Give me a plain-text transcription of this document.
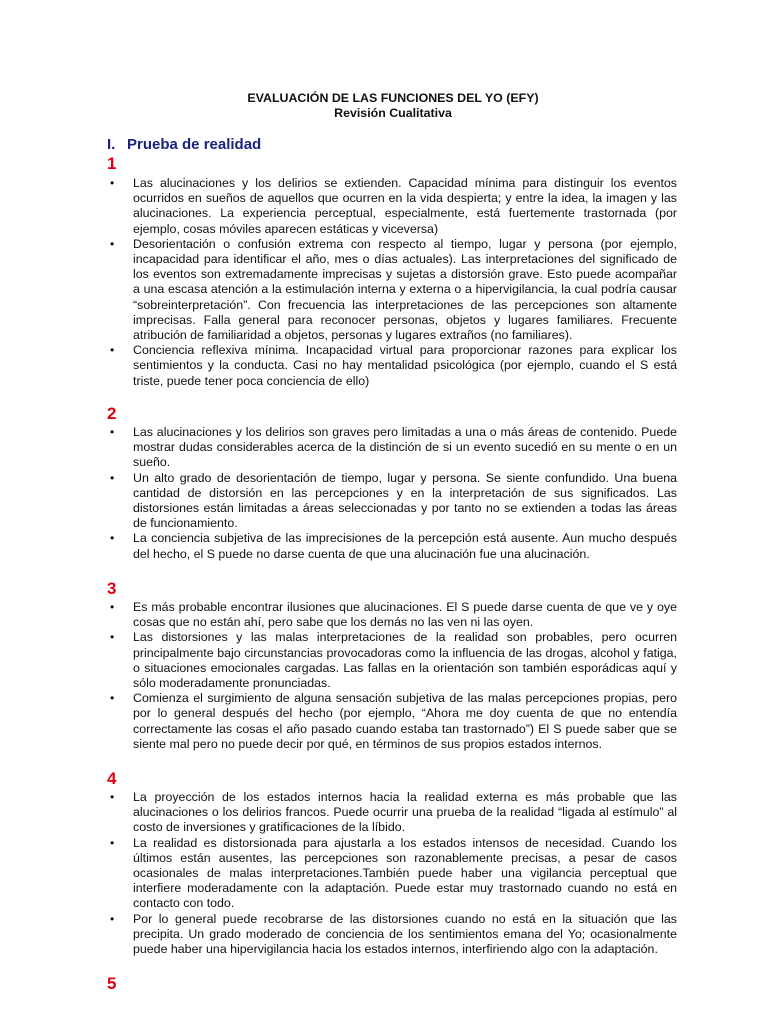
EVALUACIÓN DE LAS FUNCIONES DEL YO (EFY)
Revisión Cualitativa
I. Prueba de realidad
1
• Las alucinaciones y los delirios se extienden. Capacidad mínima para distinguir los eventos ocurridos en sueños de aquellos que ocurren en la vida despierta; y entre la idea, la imagen y las alucinaciones. La experiencia perceptual, especialmente, está fuertemente trastornada (por ejemplo, cosas móviles aparecen estáticas y viceversa)
• Desorientación o confusión extrema con respecto al tiempo, lugar y persona (por ejemplo, incapacidad para identificar el año, mes o días actuales). Las interpretaciones del significado de los eventos son extremadamente imprecisas y sujetas a distorsión grave. Esto puede acompañar a una escasa atención a la estimulación interna y externa o a hipervigilancia, la cual podría causar “sobreinterpretación”. Con frecuencia las interpretaciones de las percepciones son altamente imprecisas. Falla general para reconocer personas, objetos y lugares familiares. Frecuente atribución de familiaridad a objetos, personas y lugares extraños (no familiares).
• Conciencia reflexiva mínima. Incapacidad virtual para proporcionar razones para explicar los sentimientos y la conducta. Casi no hay mentalidad psicológica (por ejemplo, cuando el S está triste, puede tener poca conciencia de ello)
2
• Las alucinaciones y los delirios son graves pero limitadas a una o más áreas de contenido. Puede mostrar dudas considerables acerca de la distinción de si un evento sucedió en su mente o en un sueño.
• Un alto grado de desorientación de tiempo, lugar y persona. Se siente confundido. Una buena cantidad de distorsión en las percepciones y en la interpretación de sus significados. Las distorsiones están limitadas a áreas seleccionadas y por tanto no se extienden a todas las áreas de funcionamiento.
• La conciencia subjetiva de las imprecisiones de la percepción está ausente. Aun mucho después del hecho, el S puede no darse cuenta de que una alucinación fue una alucinación.
3
• Es más probable encontrar ilusiones que alucinaciones. El S puede darse cuenta de que ve y oye cosas que no están ahí, pero sabe que los demás no las ven ni las oyen.
• Las distorsiones y las malas interpretaciones de la realidad son probables, pero ocurren principalmente bajo circunstancias provocadoras como la influencia de las drogas, alcohol y fatiga, o situaciones emocionales cargadas. Las fallas en la orientación son también esporádicas aquí y sólo moderadamente pronunciadas.
• Comienza el surgimiento de alguna sensación subjetiva de las malas percepciones propias, pero por lo general después del hecho (por ejemplo, “Ahora me doy cuenta de que no entendía correctamente las cosas el año pasado cuando estaba tan trastornado”) El S puede saber que se siente mal pero no puede decir por qué, en términos de sus propios estados internos.
4
• La proyección de los estados internos hacia la realidad externa es más probable que las alucinaciones o los delirios francos. Puede ocurrir una prueba de la realidad “ligada al estímulo” al costo de inversiones y gratificaciones de la líbido.
• La realidad es distorsionada para ajustarla a los estados intensos de necesidad. Cuando los últimos están ausentes, las percepciones son razonablemente precisas, a pesar de casos ocasionales de malas interpretaciones.También puede haber una vigilancia perceptual que interfiere moderadamente con la adaptación. Puede estar muy trastornado cuando no está en contacto con todo.
• Por lo general puede recobrarse de las distorsiones cuando no está en la situación que las precipita. Un grado moderado de conciencia de los sentimientos emana del Yo; ocasionalmente puede haber una hipervigilancia hacia los estados internos, interfiriendo algo con la adaptación.
5
